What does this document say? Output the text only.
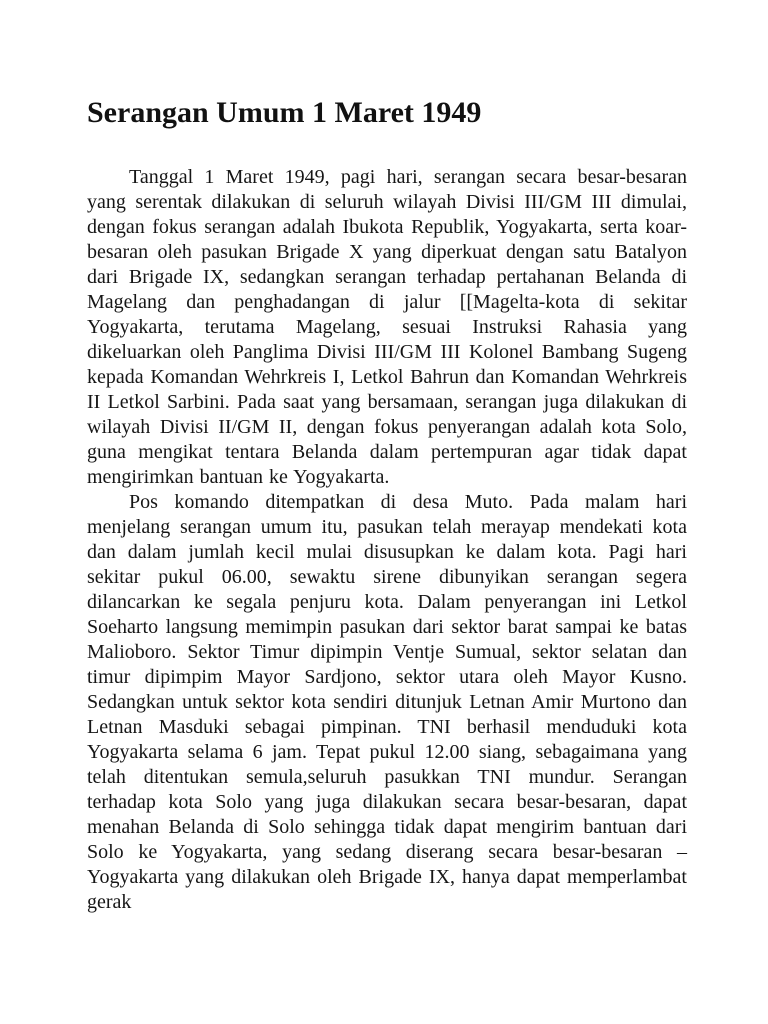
Serangan Umum 1 Maret 1949

Tanggal 1 Maret 1949, pagi hari, serangan secara besar-besaran yang serentak dilakukan di seluruh wilayah Divisi III/GM III dimulai, dengan fokus serangan adalah Ibukota Republik, Yogyakarta, serta koar-besaran oleh pasukan Brigade X yang diperkuat dengan satu Batalyon dari Brigade IX, sedangkan serangan terhadap pertahanan Belanda di Magelang dan penghadangan di jalur [[Magelta-kota di sekitar Yogyakarta, terutama Magelang, sesuai Instruksi Rahasia yang dikeluarkan oleh Panglima Divisi III/GM III Kolonel Bambang Sugeng kepada Komandan Wehrkreis I, Letkol Bahrun dan Komandan Wehrkreis II Letkol Sarbini. Pada saat yang bersamaan, serangan juga dilakukan di wilayah Divisi II/GM II, dengan fokus penyerangan adalah kota Solo, guna mengikat tentara Belanda dalam pertempuran agar tidak dapat mengirimkan bantuan ke Yogyakarta.

Pos komando ditempatkan di desa Muto. Pada malam hari menjelang serangan umum itu, pasukan telah merayap mendekati kota dan dalam jumlah kecil mulai disusupkan ke dalam kota. Pagi hari sekitar pukul 06.00, sewaktu sirene dibunyikan serangan segera dilancarkan ke segala penjuru kota. Dalam penyerangan ini Letkol Soeharto langsung memimpin pasukan dari sektor barat sampai ke batas Malioboro. Sektor Timur dipimpin Ventje Sumual, sektor selatan dan timur dipimpim Mayor Sardjono, sektor utara oleh Mayor Kusno. Sedangkan untuk sektor kota sendiri ditunjuk Letnan Amir Murtono dan Letnan Masduki sebagai pimpinan. TNI berhasil menduduki kota Yogyakarta selama 6 jam. Tepat pukul 12.00 siang, sebagaimana yang telah ditentukan semula,seluruh pasukkan TNI mundur. Serangan terhadap kota Solo yang juga dilakukan secara besar-besaran, dapat menahan Belanda di Solo sehingga tidak dapat mengirim bantuan dari Solo ke Yogyakarta, yang sedang diserang secara besar-besaran – Yogyakarta yang dilakukan oleh Brigade IX, hanya dapat memperlambat gerak
